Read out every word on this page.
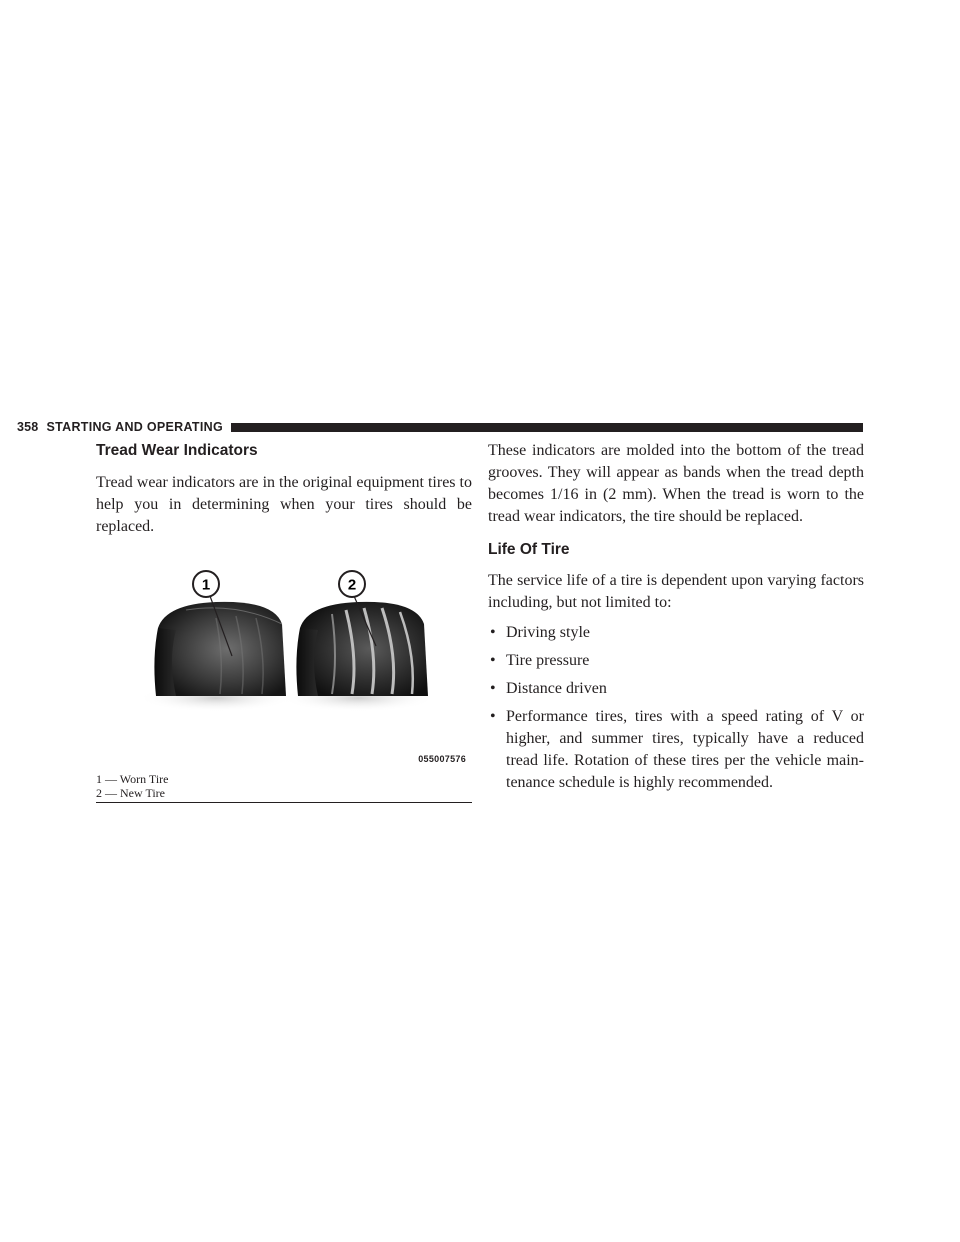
358 STARTING AND OPERATING
Tread Wear Indicators

Tread wear indicators are in the original equipment tires to help you in determining when your tires should be replaced.

1	2
055007576
1 — Worn Tire
2 — New Tire

These indicators are molded into the bottom of the tread grooves. They will appear as bands when the tread depth becomes 1/16 in (2 mm). When the tread is worn to the tread wear indicators, the tire should be replaced.

Life Of Tire

The service life of a tire is dependent upon varying factors including, but not limited to:

• Driving style
• Tire pressure
• Distance driven
• Performance tires, tires with a speed rating of V or higher, and summer tires, typically have a reduced tread life. Rotation of these tires per the vehicle main-tenance schedule is highly recommended.
